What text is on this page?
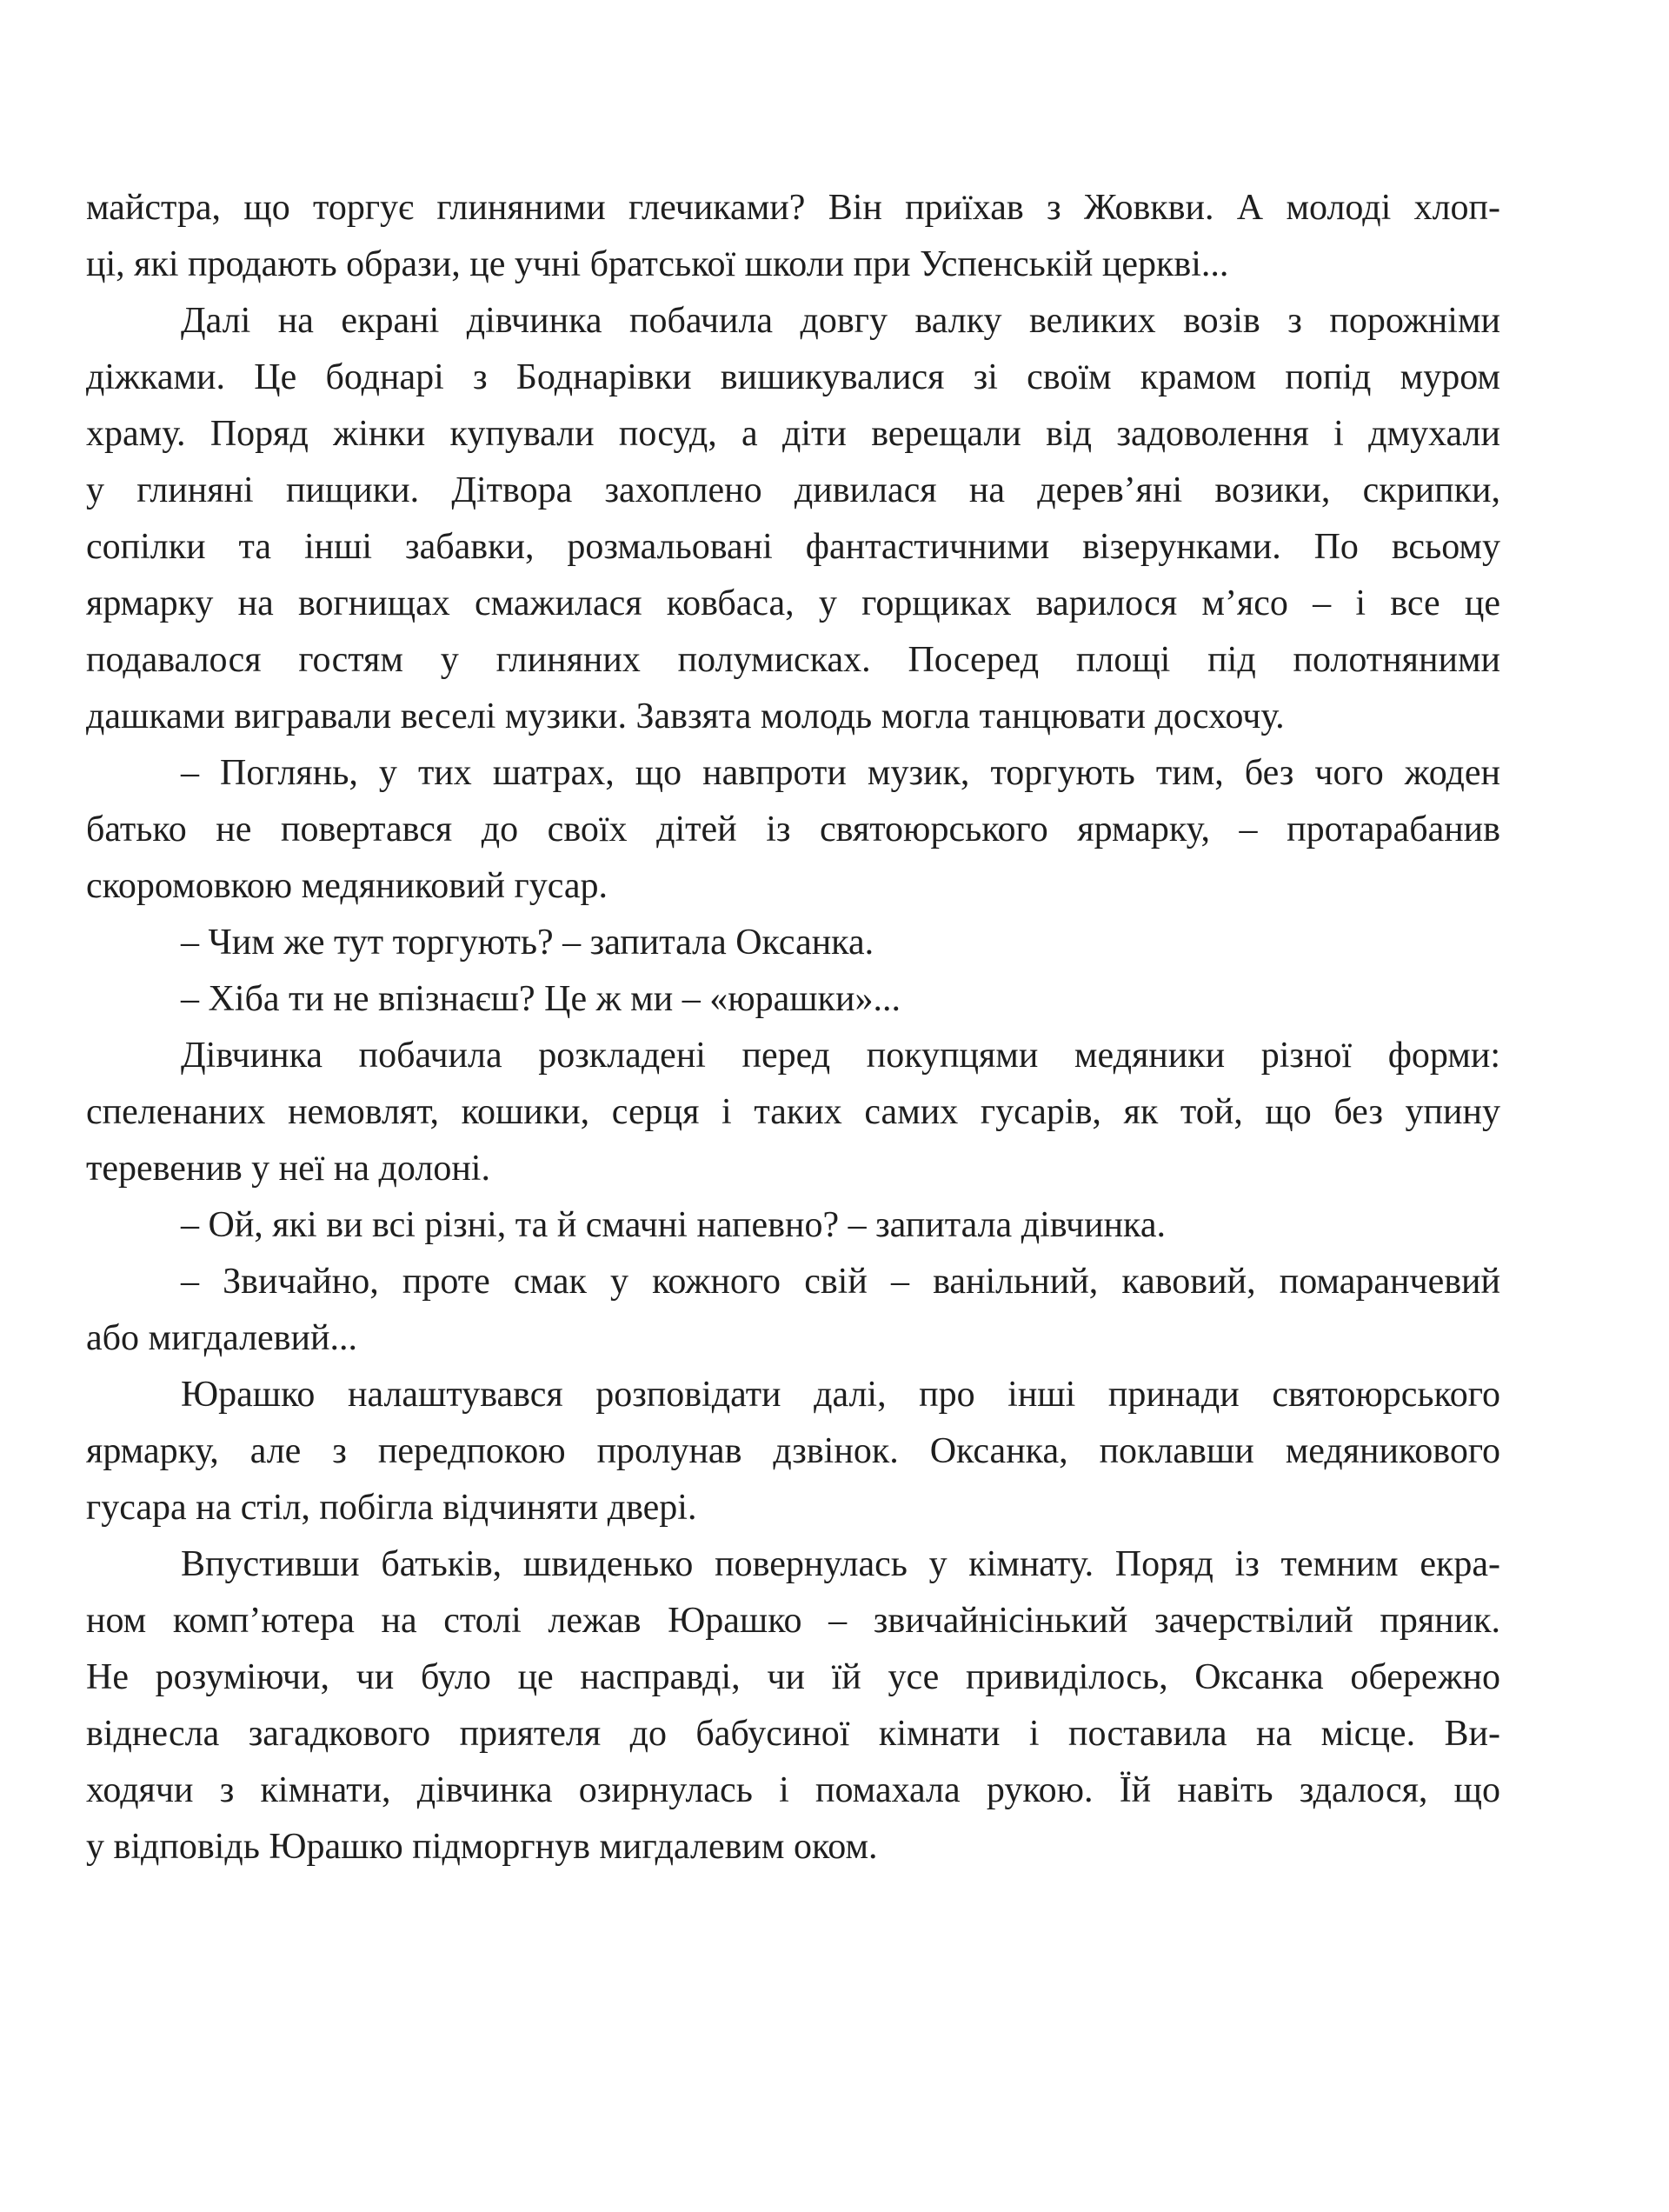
майстра, що торгує глиняними глечиками? Він приїхав з Жовкви. А молоді хлоп-
ці, які продають образи, це учні братської школи при Успенській церкві...
Далі на екрані дівчинка побачила довгу валку великих возів з порожніми
діжками. Це боднарі з Боднарівки вишикувалися зі своїм крамом попід муром
храму. Поряд жінки купували посуд, а діти верещали від задоволення і дмухали
у глиняні пищики. Дітвора захоплено дивилася на дерев’яні возики, скрипки,
сопілки та інші забавки, розмальовані фантастичними візерунками. По всьому
ярмарку на вогнищах смажилася ковбаса, у горщиках варилося м’ясо – і все це
подавалося гостям у глиняних полумисках. Посеред площі під полотняними
дашками вигравали веселі музики. Завзята молодь могла танцювати досхочу.
– Поглянь, у тих шатрах, що навпроти музик, торгують тим, без чого жоден
батько не повертався до своїх дітей із святоюрського ярмарку, – протарабанив
скоромовкою медяниковий гусар.
– Чим же тут торгують? – запитала Оксанка.
– Хіба ти не впізнаєш? Це ж ми – «юрашки»...
Дівчинка побачила розкладені перед покупцями медяники різної форми:
спеленаних немовлят, кошики, серця і таких самих гусарів, як той, що без упину
теревенив у неї на долоні.
– Ой, які ви всі різні, та й смачні напевно? – запитала дівчинка.
– Звичайно, проте смак у кожного свій – ванільний, кавовий, помаранчевий
або мигдалевий...
Юрашко налаштувався розповідати далі, про інші принади святоюрського
ярмарку, але з передпокою пролунав дзвінок. Оксанка, поклавши медяникового
гусара на стіл, побігла відчиняти двері.
Впустивши батьків, швиденько повернулась у кімнату. Поряд із темним екра-
ном комп’ютера на столі лежав Юрашко – звичайнісінький зачерствілий пряник.
Не розуміючи, чи було це насправді, чи їй усе привиділось, Оксанка обережно
віднесла загадкового приятеля до бабусиної кімнати і поставила на місце. Ви-
ходячи з кімнати, дівчинка озирнулась і помахала рукою. Їй навіть здалося, що
у відповідь Юрашко підморгнув мигдалевим оком.
